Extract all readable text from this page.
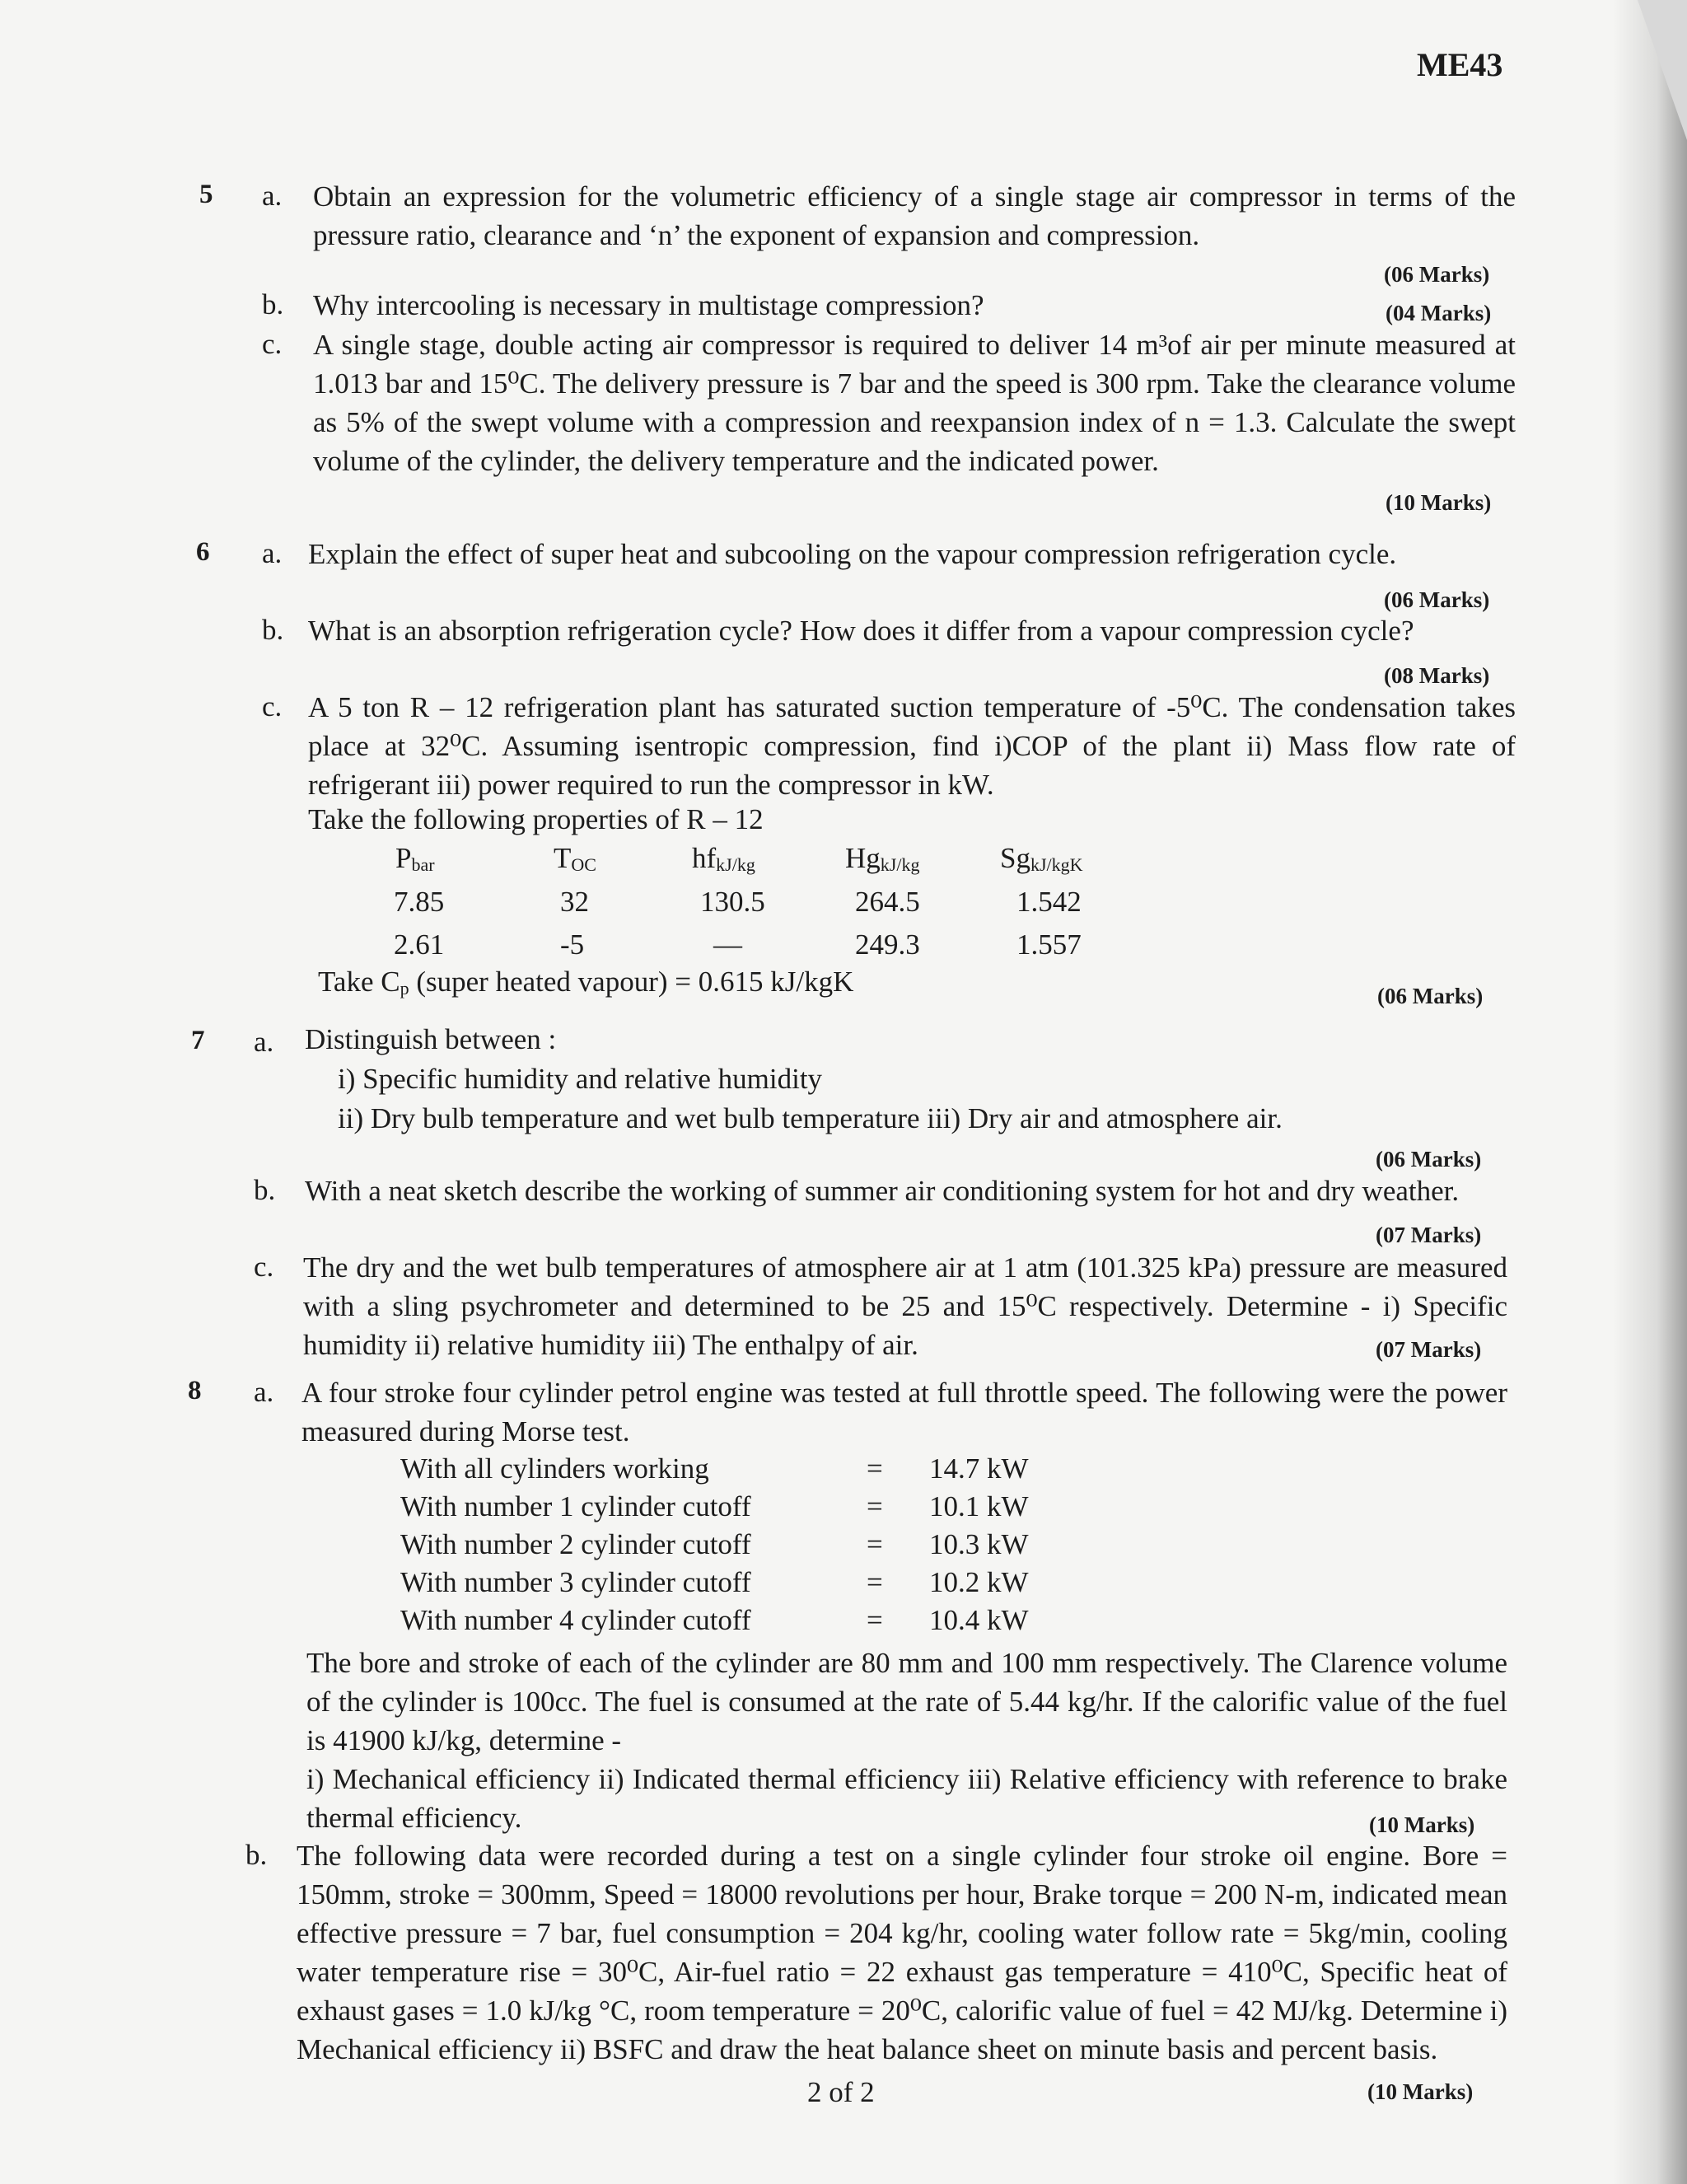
ME43
5 a. Obtain an expression for the volumetric efficiency of a single stage air compressor in terms of the pressure ratio, clearance and ‘n’ the exponent of expansion and compression.
(06 Marks)
b. Why intercooling is necessary in multistage compression?	(04 Marks)
c. A single stage, double acting air compressor is required to deliver 14 m³of air per minute measured at 1.013 bar and 15⁰C. The delivery pressure is 7 bar and the speed is 300 rpm. Take the clearance volume as 5% of the swept volume with a compression and reexpansion index of n = 1.3. Calculate the swept volume of the cylinder, the delivery temperature and the indicated power.
(10 Marks)
6 a. Explain the effect of super heat and subcooling on the vapour compression refrigeration cycle.
(06 Marks)
b. What is an absorption refrigeration cycle? How does it differ from a vapour compression cycle?
(08 Marks)
c. A 5 ton R – 12 refrigeration plant has saturated suction temperature of -5⁰C. The condensation takes place at 32⁰C. Assuming isentropic compression, find i)COP of the plant ii) Mass flow rate of refrigerant iii) power required to run the compressor in kW.
Take the following properties of R – 12
Pbar	TOC	hfkJ/kg	HgkJ/kg	SgkJ/kgK
7.85	32	130.5	264.5	1.542
2.61	-5	—	249.3	1.557
Take Cp (super heated vapour) = 0.615 kJ/kgK	(06 Marks)
7 a. Distinguish between :
i) Specific humidity and relative humidity
ii) Dry bulb temperature and wet bulb temperature iii) Dry air and atmosphere air.
(06 Marks)
b. With a neat sketch describe the working of summer air conditioning system for hot and dry weather.
(07 Marks)
c. The dry and the wet bulb temperatures of atmosphere air at 1 atm (101.325 kPa) pressure are measured with a sling psychrometer and determined to be 25 and 15⁰C respectively. Determine - i) Specific humidity ii) relative humidity iii) The enthalpy of air.	(07 Marks)
8 a. A four stroke four cylinder petrol engine was tested at full throttle speed. The following were the power measured during Morse test.
With all cylinders working	= 14.7 kW
With number 1 cylinder cutoff	= 10.1 kW
With number 2 cylinder cutoff	= 10.3 kW
With number 3 cylinder cutoff	= 10.2 kW
With number 4 cylinder cutoff	= 10.4 kW
The bore and stroke of each of the cylinder are 80 mm and 100 mm respectively. The Clarence volume of the cylinder is 100cc. The fuel is consumed at the rate of 5.44 kg/hr. If the calorific value of the fuel is 41900 kJ/kg, determine -
i) Mechanical efficiency ii) Indicated thermal efficiency iii) Relative efficiency with reference to brake thermal efficiency.	(10 Marks)
b. The following data were recorded during a test on a single cylinder four stroke oil engine. Bore = 150mm, stroke = 300mm, Speed = 18000 revolutions per hour, Brake torque = 200 N-m, indicated mean effective pressure = 7 bar, fuel consumption = 204 kg/hr, cooling water follow rate = 5kg/min, cooling water temperature rise = 30⁰C, Air-fuel ratio = 22 exhaust gas temperature = 410⁰C, Specific heat of exhaust gases = 1.0 kJ/kg °C, room temperature = 20⁰C, calorific value of fuel = 42 MJ/kg. Determine i) Mechanical efficiency ii) BSFC and draw the heat balance sheet on minute basis and percent basis.
(10 Marks)
2 of 2
